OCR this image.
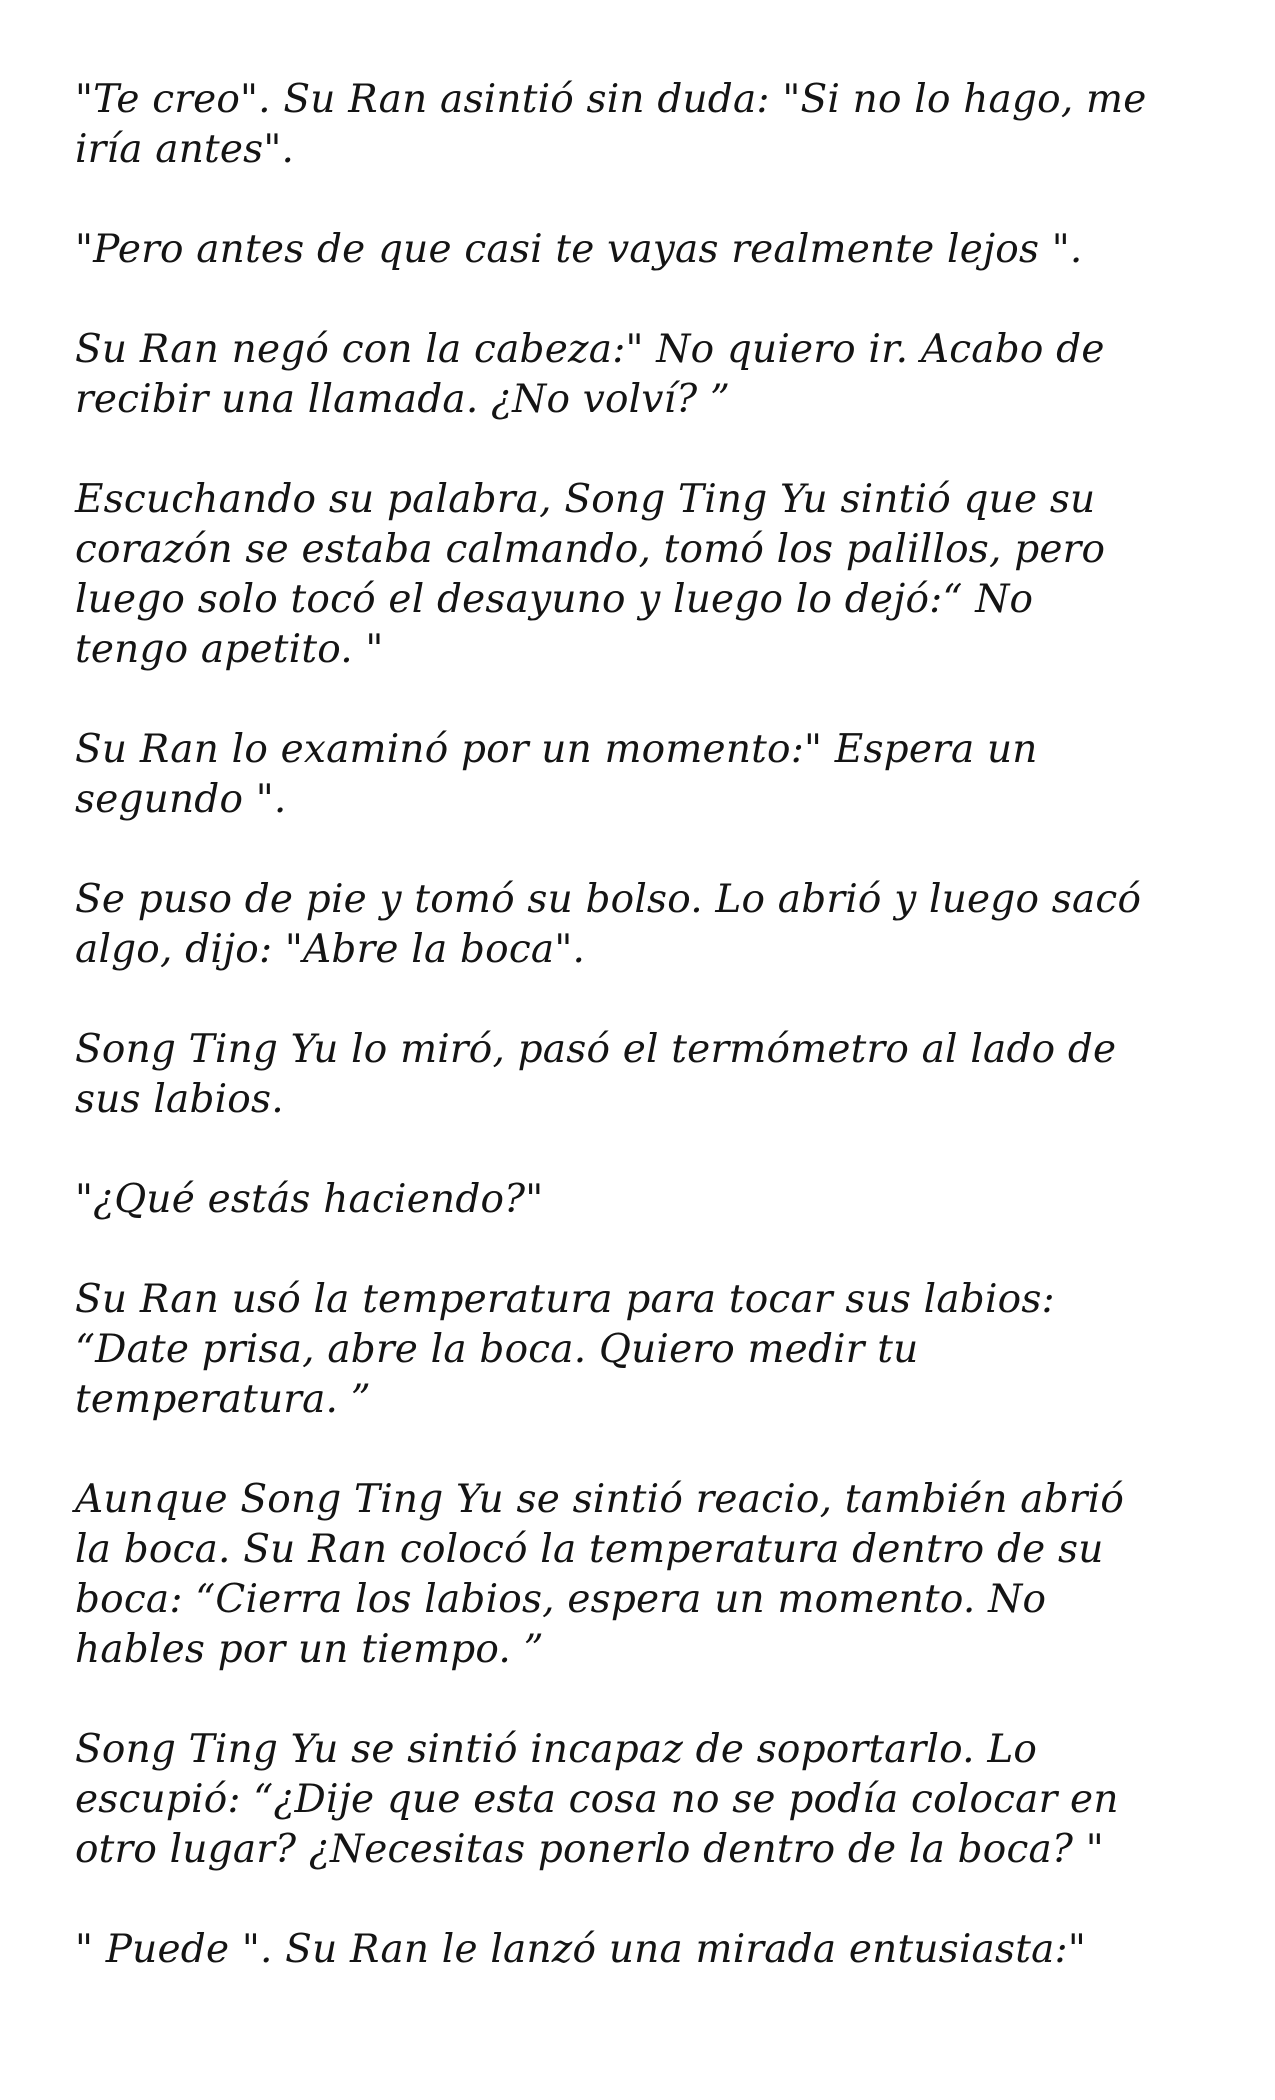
"Te creo". Su Ran asintió sin duda: "Si no lo hago, me
iría antes".

"Pero antes de que casi te vayas realmente lejos ".

Su Ran negó con la cabeza:" No quiero ir. Acabo de
recibir una llamada. ¿No volví? ”

Escuchando su palabra, Song Ting Yu sintió que su
corazón se estaba calmando, tomó los palillos, pero
luego solo tocó el desayuno y luego lo dejó:“ No
tengo apetito. "

Su Ran lo examinó por un momento:" Espera un
segundo ".

Se puso de pie y tomó su bolso. Lo abrió y luego sacó
algo, dijo: "Abre la boca".

Song Ting Yu lo miró, pasó el termómetro al lado de
sus labios.

"¿Qué estás haciendo?"

Su Ran usó la temperatura para tocar sus labios:
“Date prisa, abre la boca. Quiero medir tu
temperatura. ”

Aunque Song Ting Yu se sintió reacio, también abrió
la boca. Su Ran colocó la temperatura dentro de su
boca: “Cierra los labios, espera un momento. No
hables por un tiempo. ”

Song Ting Yu se sintió incapaz de soportarlo. Lo
escupió: “¿Dije que esta cosa no se podía colocar en
otro lugar? ¿Necesitas ponerlo dentro de la boca? "

" Puede ". Su Ran le lanzó una mirada entusiasta:"
